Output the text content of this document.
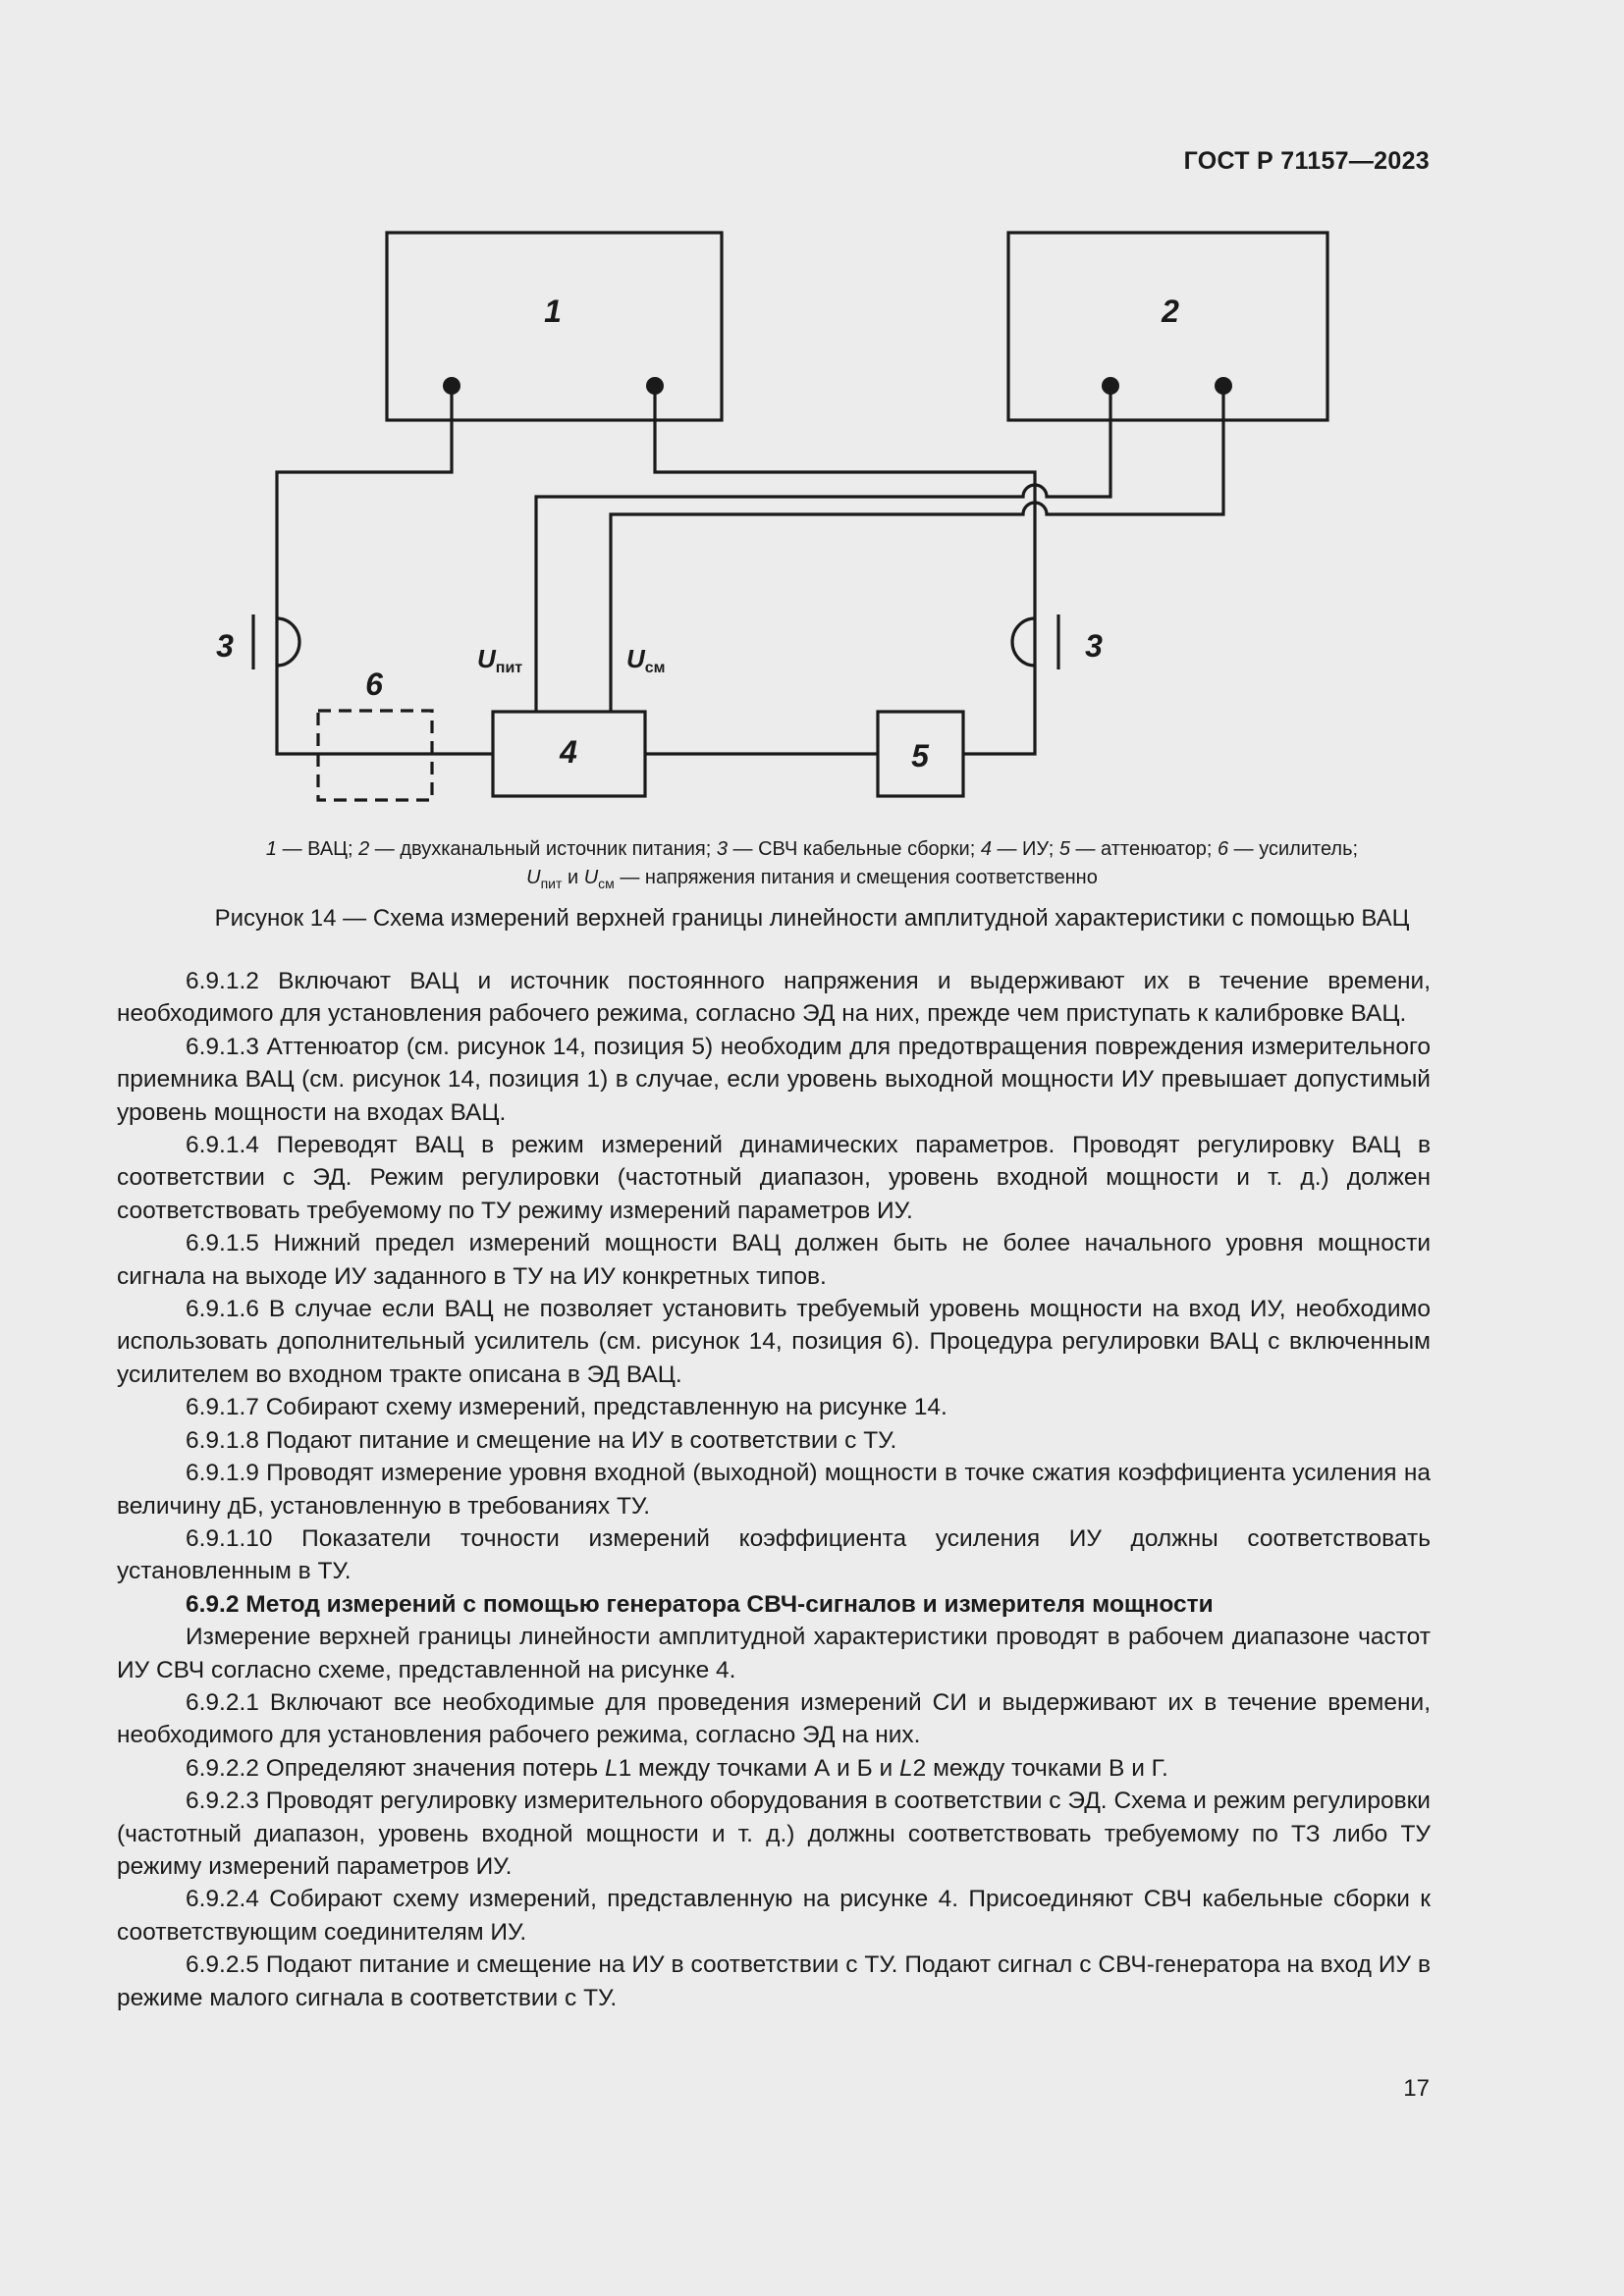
ГОСТ Р 71157—2023
1	2
3	3
6
4	5
Uпит	Uсм
1 — ВАЦ; 2 — двухканальный источник питания; 3 — СВЧ кабельные сборки; 4 — ИУ; 5 — аттенюатор; 6 — усилитель;
$U_{пит}$ и $U_{см}$ — напряжения питания и смещения соответственно
Рисунок 14 — Схема измерений верхней границы линейности амплитудной характеристики с помощью ВАЦ

6.9.1.2 Включают ВАЦ и источник постоянного напряжения и выдерживают их в течение времени, необходимого для установления рабочего режима, согласно ЭД на них, прежде чем приступать к калибровке ВАЦ.

6.9.1.3 Аттенюатор (см. рисунок 14, позиция 5) необходим для предотвращения повреждения измерительного приемника ВАЦ (см. рисунок 14, позиция 1) в случае, если уровень выходной мощности ИУ превышает допустимый уровень мощности на входах ВАЦ.

6.9.1.4 Переводят ВАЦ в режим измерений динамических параметров. Проводят регулировку ВАЦ в соответствии с ЭД. Режим регулировки (частотный диапазон, уровень входной мощности и т. д.) должен соответствовать требуемому по ТУ режиму измерений параметров ИУ.

6.9.1.5 Нижний предел измерений мощности ВАЦ должен быть не более начального уровня мощности сигнала на выходе ИУ заданного в ТУ на ИУ конкретных типов.

6.9.1.6 В случае если ВАЦ не позволяет установить требуемый уровень мощности на вход ИУ, необходимо использовать дополнительный усилитель (см. рисунок 14, позиция 6). Процедура регулировки ВАЦ с включенным усилителем во входном тракте описана в ЭД ВАЦ.

6.9.1.7 Собирают схему измерений, представленную на рисунке 14.

6.9.1.8 Подают питание и смещение на ИУ в соответствии с ТУ.

6.9.1.9 Проводят измерение уровня входной (выходной) мощности в точке сжатия коэффициента усиления на величину дБ, установленную в требованиях ТУ.

6.9.1.10 Показатели точности измерений коэффициента усиления ИУ должны соответствовать установленным в ТУ.

6.9.2 Метод измерений с помощью генератора СВЧ-сигналов и измерителя мощности

Измерение верхней границы линейности амплитудной характеристики проводят в рабочем диапазоне частот ИУ СВЧ согласно схеме, представленной на рисунке 4.

6.9.2.1 Включают все необходимые для проведения измерений СИ и выдерживают их в течение времени, необходимого для установления рабочего режима, согласно ЭД на них.

6.9.2.2 Определяют значения потерь L1 между точками А и Б и L2 между точками В и Г.

6.9.2.3 Проводят регулировку измерительного оборудования в соответствии с ЭД. Схема и режим регулировки (частотный диапазон, уровень входной мощности и т. д.) должны соответствовать требуемому по ТЗ либо ТУ режиму измерений параметров ИУ.

6.9.2.4 Собирают схему измерений, представленную на рисунке 4. Присоединяют СВЧ кабельные сборки к соответствующим соединителям ИУ.

6.9.2.5 Подают питание и смещение на ИУ в соответствии с ТУ. Подают сигнал с СВЧ-генератора на вход ИУ в режиме малого сигнала в соответствии с ТУ.

17
